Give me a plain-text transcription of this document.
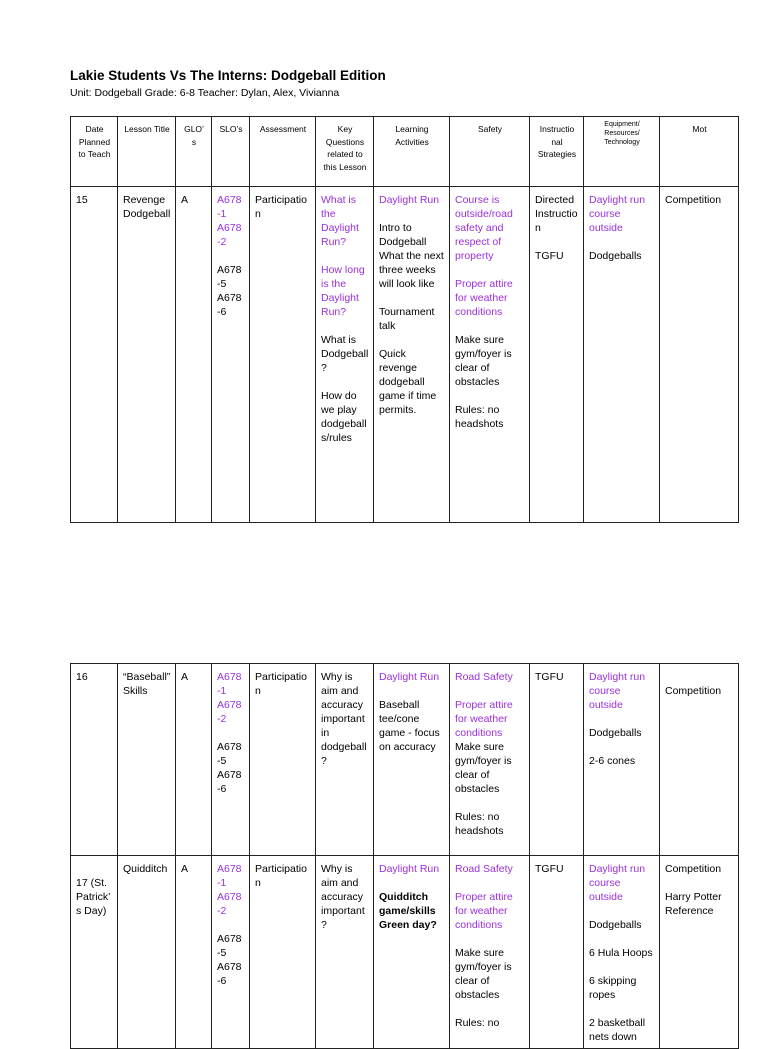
Lakie Students Vs The Interns: Dodgeball Edition
Unit: Dodgeball Grade: 6-8 Teacher: Dylan, Alex, Vivianna
Date Planned to Teach	Lesson Title	GLO’ s	SLO’s	Assessment	Key Questions related to this Lesson	Learning Activities	Safety	Instructio nal Strategies	Equipment/ Resources/ Technology	Mot
15	Revenge Dodgeball	A	A678-1
A678-2
A678-5
A678-6	Participation	What is the Daylight Run?
How long is the Daylight Run?
What is Dodgeball?
How do we play dodgeball s/rules	Daylight Run
Intro to Dodgeball What the next three weeks will look like
Tournament talk
Quick revenge dodgeball game if time permits.	Course is outside/road safety and respect of property
Proper attire for weather conditions
Make sure gym/foyer is clear of obstacles
Rules: no headshots	Directed Instructio n
TGFU	Daylight run course outside
Dodgeballs	Competition
16	“Baseball” Skills	A	A678-1
A678-2
A678-5
A678-6	Participation	Why is aim and accuracy important in dodgeball ?	Daylight Run
Baseball tee/cone game - focus on accuracy	Road Safety
Proper attire for weather conditions
Make sure gym/foyer is clear of obstacles
Rules: no headshots	TGFU	Daylight run course outside
Dodgeballs
2-6 cones	Competition
17 (St. Patrick’ s Day)	Quidditch	A	A678-1
A678-2
A678-5
A678-6	Participation	Why is aim and accuracy important ?	Daylight Run
Quidditch game/skills Green day?	Road Safety
Proper attire for weather conditions
Make sure gym/foyer is clear of obstacles
Rules: no	TGFU	Daylight run course outside
Dodgeballs
6 Hula Hoops
6 skipping ropes
2 basketball nets down	Competition
Harry Potter Reference
